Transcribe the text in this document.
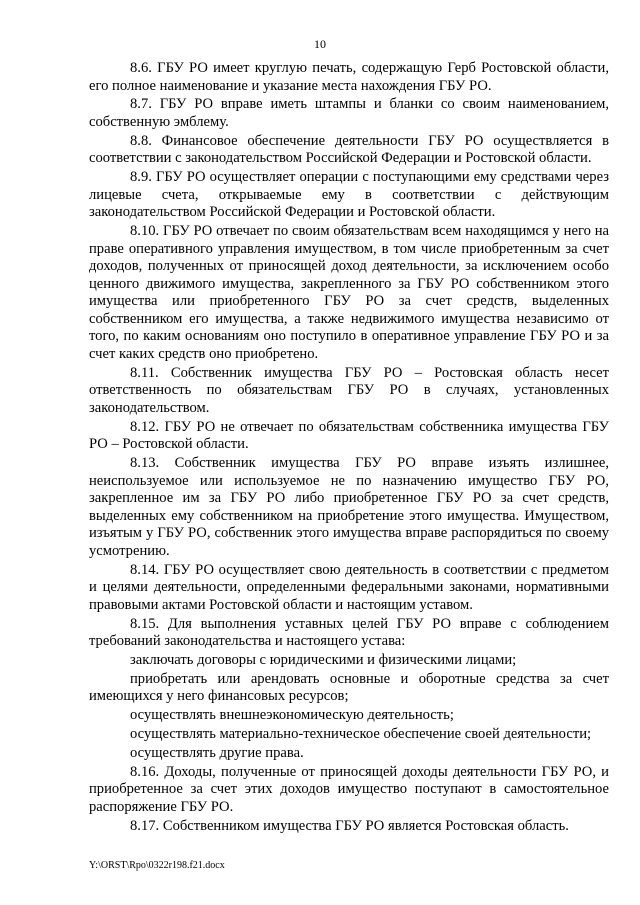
10

8.6. ГБУ РО имеет круглую печать, содержащую Герб Ростовской области, его полное наименование и указание места нахождения ГБУ РО.

8.7. ГБУ РО вправе иметь штампы и бланки со своим наименованием, собственную эмблему.

8.8. Финансовое обеспечение деятельности ГБУ РО осуществляется в соответствии с законодательством Российской Федерации и Ростовской области.

8.9. ГБУ РО осуществляет операции с поступающими ему средствами через лицевые счета, открываемые ему в соответствии с действующим законодательством Российской Федерации и Ростовской области.

8.10. ГБУ РО отвечает по своим обязательствам всем находящимся у него на праве оперативного управления имуществом, в том числе приобретенным за счет доходов, полученных от приносящей доход деятельности, за исключением особо ценного движимого имущества, закрепленного за ГБУ РО собственником этого имущества или приобретенного ГБУ РО за счет средств, выделенных собственником его имущества, а также недвижимого имущества независимо от того, по каким основаниям оно поступило в оперативное управление ГБУ РО и за счет каких средств оно приобретено.

8.11. Собственник имущества ГБУ РО – Ростовская область несет ответственность по обязательствам ГБУ РО в случаях, установленных законодательством.

8.12. ГБУ РО не отвечает по обязательствам собственника имущества ГБУ РО – Ростовской области.

8.13. Собственник имущества ГБУ РО вправе изъять излишнее, неиспользуемое или используемое не по назначению имущество ГБУ РО, закрепленное им за ГБУ РО либо приобретенное ГБУ РО за счет средств, выделенных ему собственником на приобретение этого имущества. Имуществом, изъятым у ГБУ РО, собственник этого имущества вправе распорядиться по своему усмотрению.

8.14. ГБУ РО осуществляет свою деятельность в соответствии с предметом и целями деятельности, определенными федеральными законами, нормативными правовыми актами Ростовской области и настоящим уставом.

8.15. Для выполнения уставных целей ГБУ РО вправе с соблюдением требований законодательства и настоящего устава:

заключать договоры с юридическими и физическими лицами;

приобретать или арендовать основные и оборотные средства за счет имеющихся у него финансовых ресурсов;

осуществлять внешнеэкономическую деятельность;

осуществлять материально-техническое обеспечение своей деятельности;

осуществлять другие права.

8.16. Доходы, полученные от приносящей доходы деятельности ГБУ РО, и приобретенное за счет этих доходов имущество поступают в самостоятельное распоряжение ГБУ РО.

8.17. Собственником имущества ГБУ РО является Ростовская область.

Y:\ORST\Rpo\0322r198.f21.docx
